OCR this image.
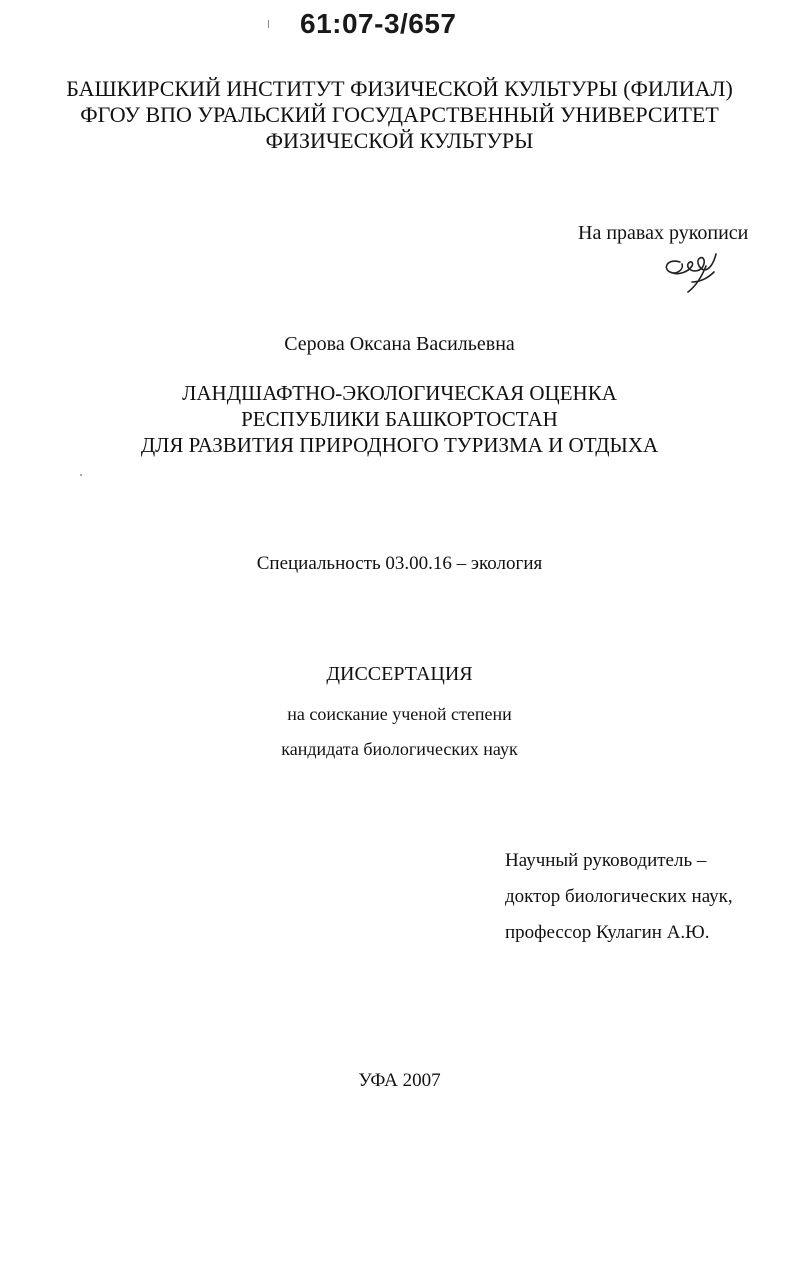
61:07-3/657
БАШКИРСКИЙ ИНСТИТУТ ФИЗИЧЕСКОЙ КУЛЬТУРЫ (ФИЛИАЛ)
ФГОУ ВПО УРАЛЬСКИЙ ГОСУДАРСТВЕННЫЙ УНИВЕРСИТЕТ
ФИЗИЧЕСКОЙ КУЛЬТУРЫ
На правах рукописи
Серова Оксана Васильевна
ЛАНДШАФТНО-ЭКОЛОГИЧЕСКАЯ ОЦЕНКА
РЕСПУБЛИКИ БАШКОРТОСТАН
ДЛЯ РАЗВИТИЯ ПРИРОДНОГО ТУРИЗМА И ОТДЫХА
Специальность 03.00.16 – экология
ДИССЕРТАЦИЯ
на соискание ученой степени
кандидата биологических наук
Научный руководитель –
доктор биологических наук,
профессор Кулагин А.Ю.
УФА 2007
